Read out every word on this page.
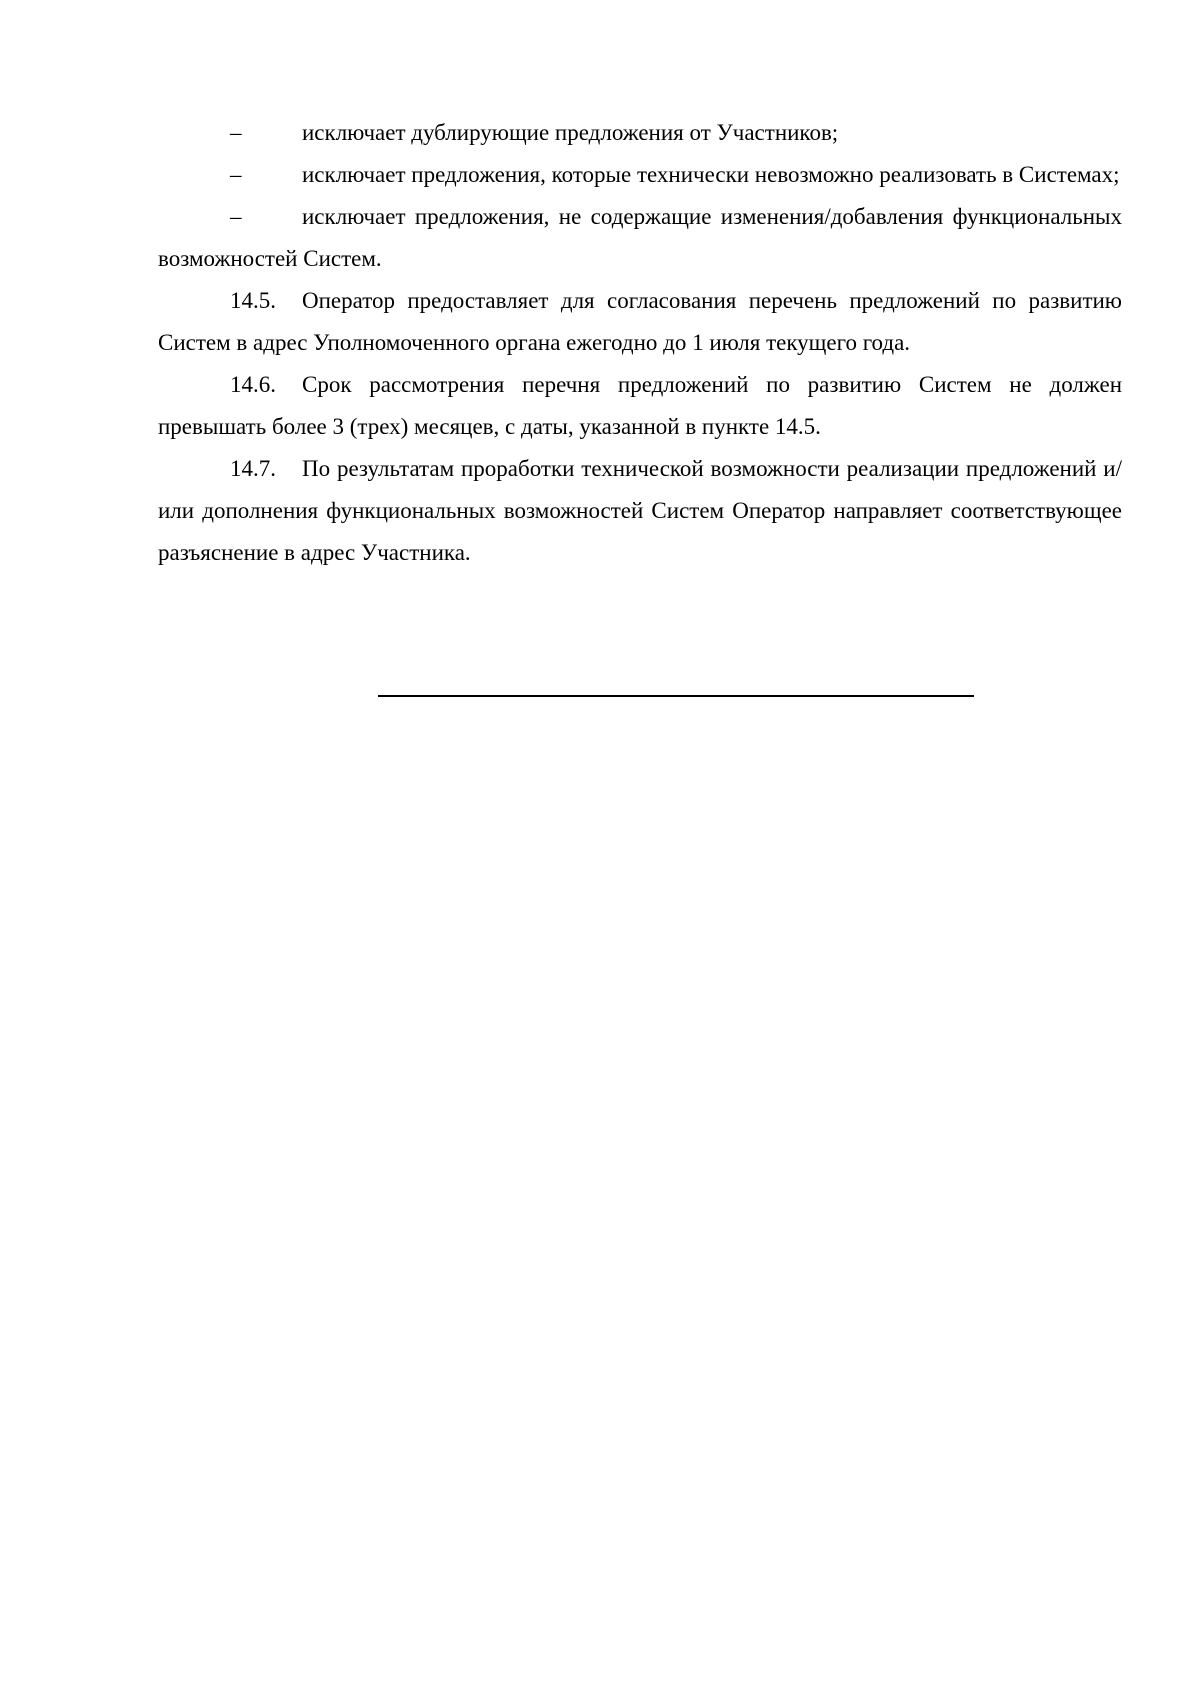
–	исключает дублирующие предложения от Участников;

–	исключает предложения, которые технически невозможно реализовать в Системах;

–	исключает предложения, не содержащие изменения/добавления функциональных возможностей Систем.

14.5. Оператор предоставляет для согласования перечень предложений по развитию Систем в адрес Уполномоченного органа ежегодно до 1 июля текущего года.

14.6. Срок рассмотрения перечня предложений по развитию Систем не должен превышать более 3 (трех) месяцев, с даты, указанной в пункте 14.5.

14.7. По результатам проработки технической возможности реализации предложений и/или дополнения функциональных возможностей Систем Оператор направляет соответствующее разъяснение в адрес Участника.
